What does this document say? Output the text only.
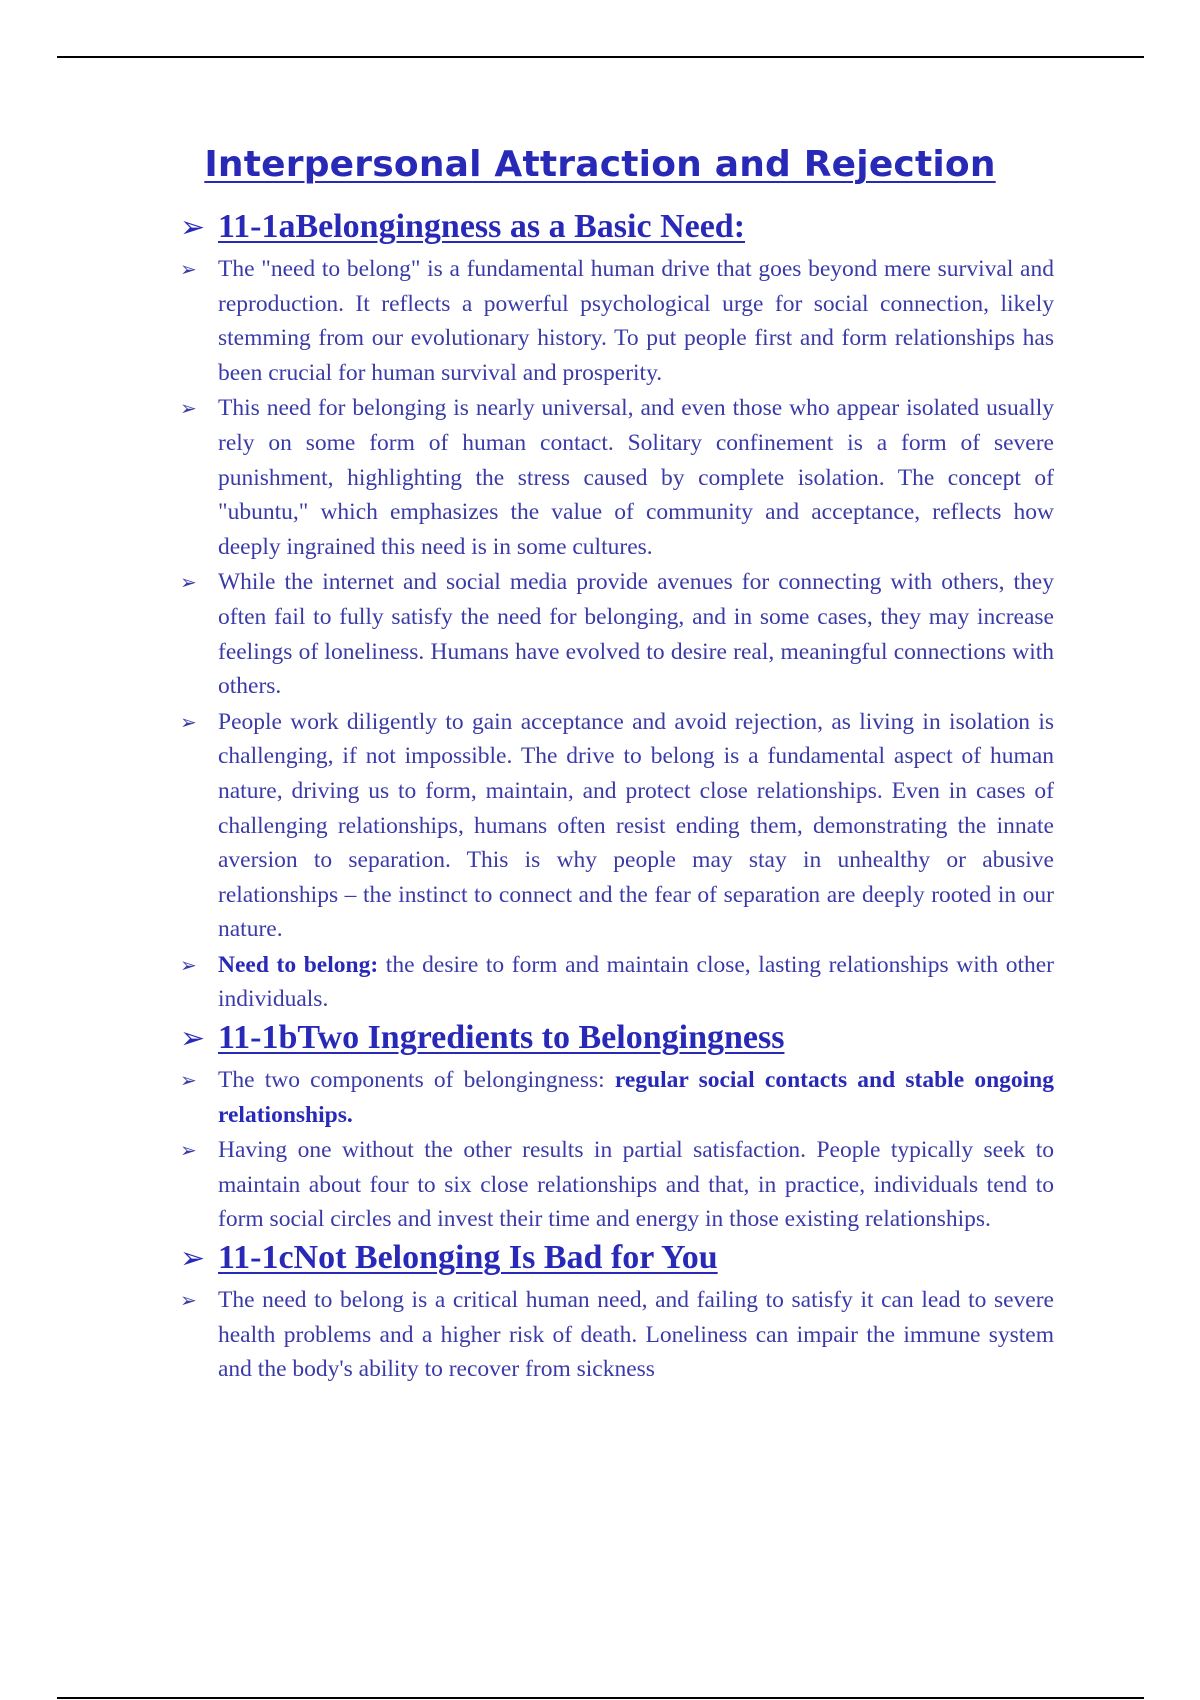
Interpersonal Attraction and Rejection
➢ 11-1aBelongingness as a Basic Need:
➢ The "need to belong" is a fundamental human drive that goes beyond mere survival and reproduction. It reflects a powerful psychological urge for social connection, likely stemming from our evolutionary history. To put people first and form relationships has been crucial for human survival and prosperity.
➢ This need for belonging is nearly universal, and even those who appear isolated usually rely on some form of human contact. Solitary confinement is a form of severe punishment, highlighting the stress caused by complete isolation. The concept of "ubuntu," which emphasizes the value of community and acceptance, reflects how deeply ingrained this need is in some cultures.
➢ While the internet and social media provide avenues for connecting with others, they often fail to fully satisfy the need for belonging, and in some cases, they may increase feelings of loneliness. Humans have evolved to desire real, meaningful connections with others.
➢ People work diligently to gain acceptance and avoid rejection, as living in isolation is challenging, if not impossible. The drive to belong is a fundamental aspect of human nature, driving us to form, maintain, and protect close relationships. Even in cases of challenging relationships, humans often resist ending them, demonstrating the innate aversion to separation. This is why people may stay in unhealthy or abusive relationships – the instinct to connect and the fear of separation are deeply rooted in our nature.
➢ Need to belong: the desire to form and maintain close, lasting relationships with other individuals.
➢ 11-1bTwo Ingredients to Belongingness
➢ The two components of belongingness: regular social contacts and stable ongoing relationships.
➢ Having one without the other results in partial satisfaction. People typically seek to maintain about four to six close relationships and that, in practice, individuals tend to form social circles and invest their time and energy in those existing relationships.
➢ 11-1cNot Belonging Is Bad for You
➢ The need to belong is a critical human need, and failing to satisfy it can lead to severe health problems and a higher risk of death. Loneliness can impair the immune system and the body's ability to recover from sickness
